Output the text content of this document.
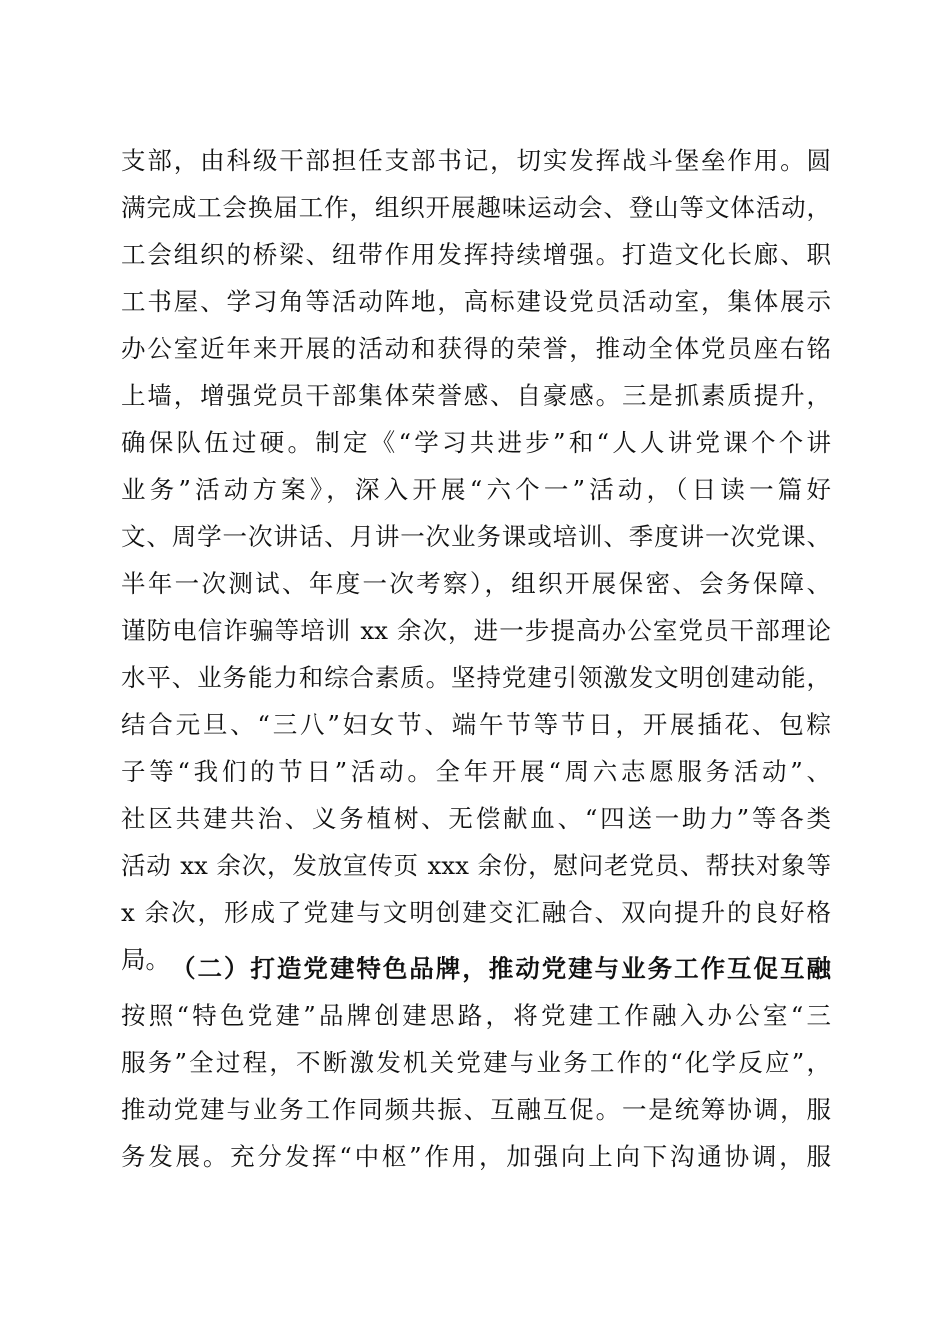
支部，由科级干部担任支部书记，切实发挥战斗堡垒作用。圆
满完成工会换届工作，组织开展趣味运动会、登山等文体活动，
工会组织的桥梁、纽带作用发挥持续增强。打造文化长廊、职
工书屋、学习角等活动阵地，高标建设党员活动室，集体展示
办公室近年来开展的活动和获得的荣誉，推动全体党员座右铭
上墙，增强党员干部集体荣誉感、自豪感。三是抓素质提升，
确保队伍过硬。制定《“学习共进步”和“人人讲党课个个讲
业务”活动方案》，深入开展“六个一”活动，（日读一篇好
文、周学一次讲话、月讲一次业务课或培训、季度讲一次党课、
半年一次测试、年度一次考察），组织开展保密、会务保障、
谨防电信诈骗等培训 xx 余次，进一步提高办公室党员干部理论
水平、业务能力和综合素质。坚持党建引领激发文明创建动能，
结合元旦、“三八”妇女节、端午节等节日，开展插花、包粽
子等“我们的节日”活动。全年开展“周六志愿服务活动”、
社区共建共治、义务植树、无偿献血、“四送一助力”等各类
活动 xx 余次，发放宣传页 xxx 余份，慰问老党员、帮扶对象等
x 余次，形成了党建与文明创建交汇融合、双向提升的良好格
局。 （二）打造党建特色品牌，推动党建与业务工作互促互融
按照“特色党建”品牌创建思路，将党建工作融入办公室“三
服务”全过程，不断激发机关党建与业务工作的“化学反应”，
推动党建与业务工作同频共振、互融互促。一是统筹协调，服
务发展。充分发挥“中枢”作用，加强向上向下沟通协调，服
